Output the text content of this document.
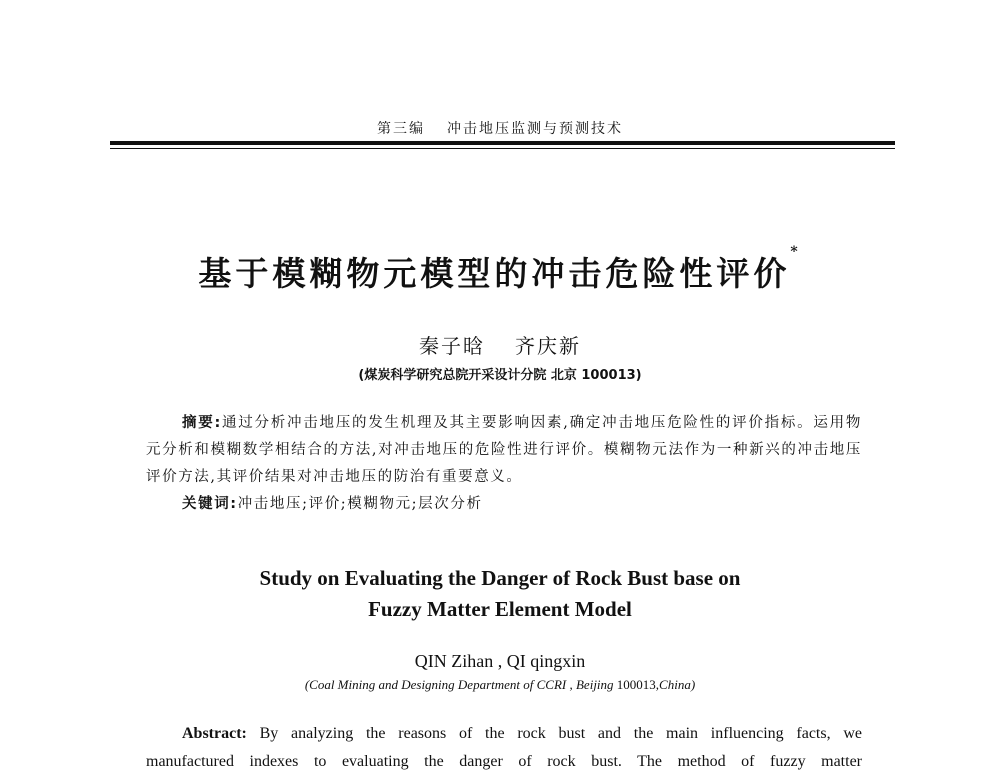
第三编 冲击地压监测与预测技术
基于模糊物元模型的冲击危险性评价*
秦子晗 齐庆新
(煤炭科学研究总院开采设计分院 北京 100013)
摘要:通过分析冲击地压的发生机理及其主要影响因素,确定冲击地压危险性的评价指标。运用物元分析和模糊数学相结合的方法,对冲击地压的危险性进行评价。模糊物元法作为一种新兴的冲击地压评价方法,其评价结果对冲击地压的防治有重要意义。
关键词:冲击地压;评价;模糊物元;层次分析
Study on Evaluating the Danger of Rock Bust base on
Fuzzy Matter Element Model
QIN Zihan , QI qingxin
(Coal Mining and Designing Department of CCRI , Beijing 100013,China)
Abstract: By analyzing the reasons of the rock bust and the main influencing facts, we
manufactured indexes to evaluating the danger of rock bust. The method of fuzzy matter
